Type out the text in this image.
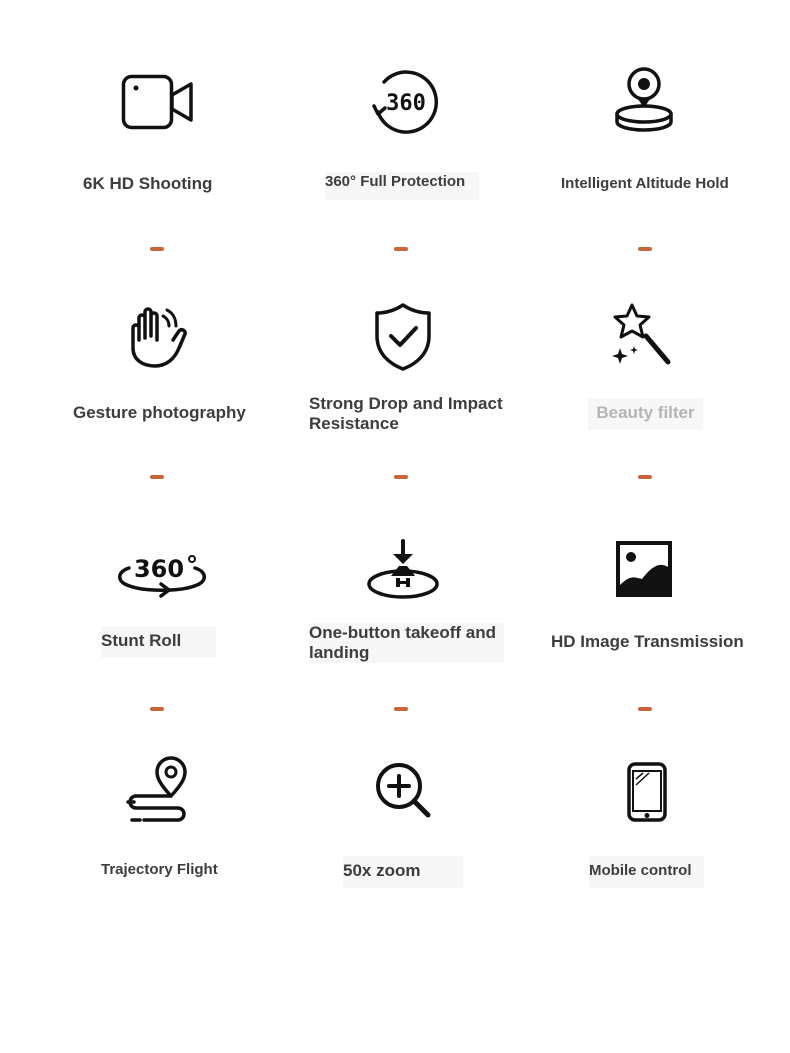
6K HD Shooting
360
360° Full Protection	Intelligent Altitude Hold
Gesture photography	Strong Drop and Impact Resistance
Beauty filter
360
Stunt Roll	One-button takeoff and landing
HD Image Transmission
Trajectory Flight	50x zoom	Mobile control
